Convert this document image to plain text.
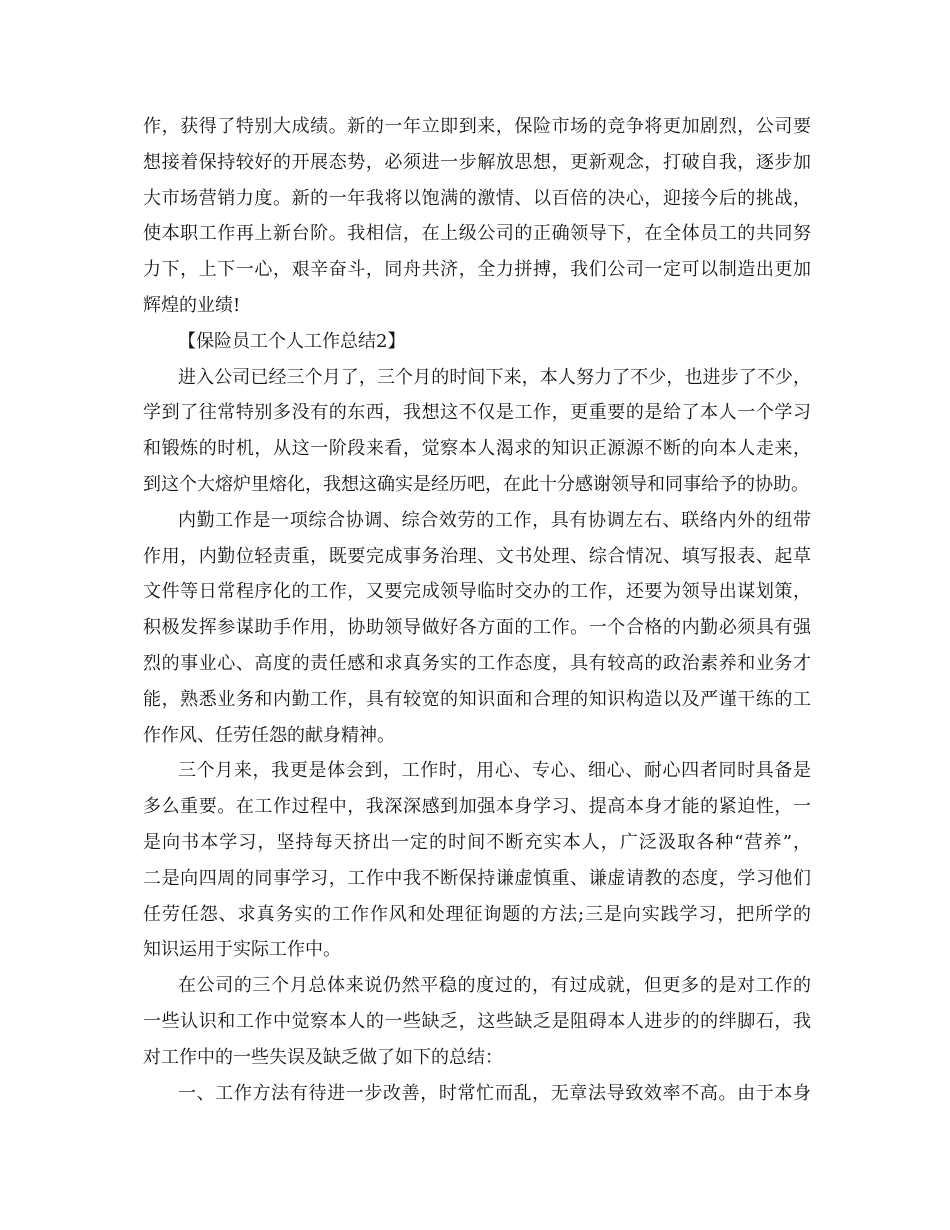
作，获得了特别大成绩。新的一年立即到来，保险市场的竞争将更加剧烈，公司要
想接着保持较好的开展态势，必须进一步解放思想，更新观念，打破自我，逐步加
大市场营销力度。新的一年我将以饱满的激情、以百倍的决心，迎接今后的挑战，
使本职工作再上新台阶。我相信，在上级公司的正确领导下，在全体员工的共同努
力下，上下一心，艰辛奋斗，同舟共济，全力拼搏，我们公司一定可以制造出更加
辉煌的业绩!
【保险员工个人工作总结2】
进入公司已经三个月了，三个月的时间下来，本人努力了不少，也进步了不少，
学到了往常特别多没有的东西，我想这不仅是工作，更重要的是给了本人一个学习
和锻炼的时机，从这一阶段来看，觉察本人渴求的知识正源源不断的向本人走来，
到这个大熔炉里熔化，我想这确实是经历吧，在此十分感谢领导和同事给予的协助。
内勤工作是一项综合协调、综合效劳的工作，具有协调左右、联络内外的纽带
作用，内勤位轻责重，既要完成事务治理、文书处理、综合情况、填写报表、起草
文件等日常程序化的工作，又要完成领导临时交办的工作，还要为领导出谋划策，
积极发挥参谋助手作用，协助领导做好各方面的工作。一个合格的内勤必须具有强
烈的事业心、高度的责任感和求真务实的工作态度，具有较高的政治素养和业务才
能，熟悉业务和内勤工作，具有较宽的知识面和合理的知识构造以及严谨干练的工
作作风、任劳任怨的献身精神。
三个月来，我更是体会到，工作时，用心、专心、细心、耐心四者同时具备是
多么重要。在工作过程中，我深深感到加强本身学习、提高本身才能的紧迫性，一
是向书本学习，坚持每天挤出一定的时间不断充实本人，广泛汲取各种“营养”，
二是向四周的同事学习，工作中我不断保持谦虚慎重、谦虚请教的态度，学习他们
任劳任怨、求真务实的工作作风和处理征询题的方法;三是向实践学习，把所学的
知识运用于实际工作中。
在公司的三个月总体来说仍然平稳的度过的，有过成就，但更多的是对工作的
一些认识和工作中觉察本人的一些缺乏，这些缺乏是阻碍本人进步的的绊脚石，我
对工作中的一些失误及缺乏做了如下的总结：
一、工作方法有待进一步改善，时常忙而乱，无章法导致效率不高。由于本身
